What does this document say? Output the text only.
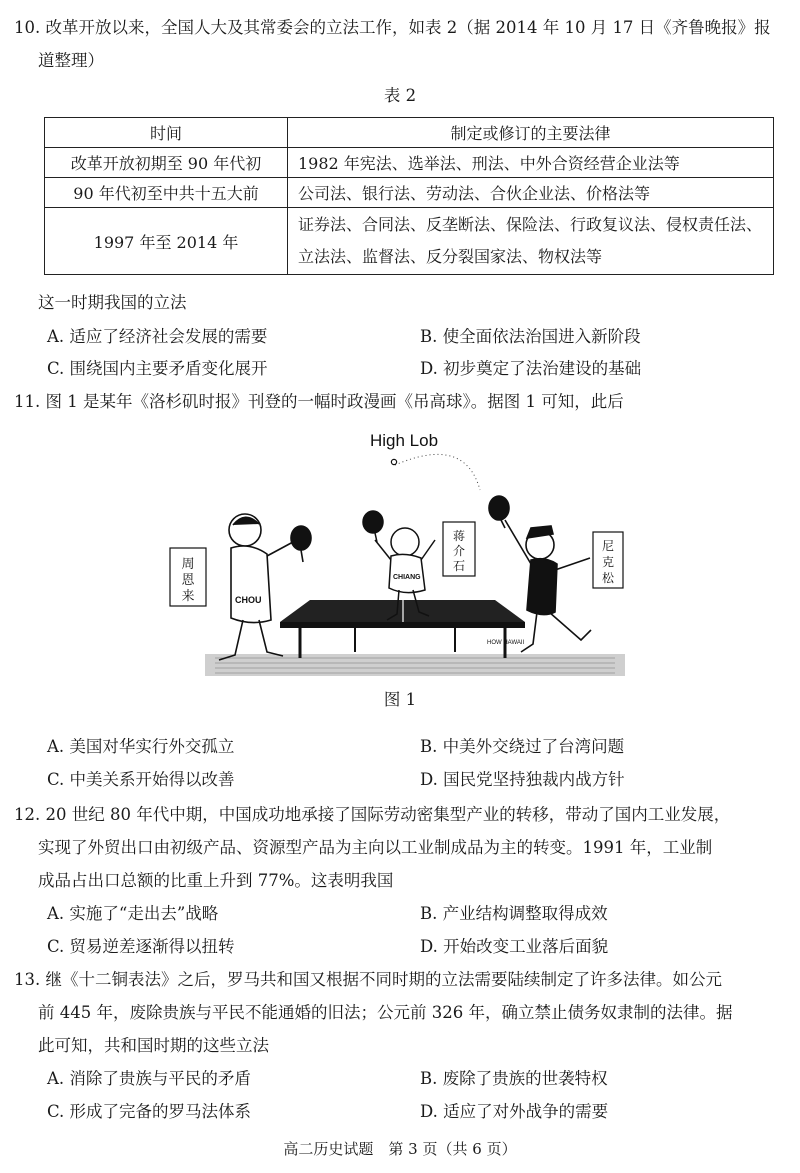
10. 改革开放以来，全国人大及其常委会的立法工作，如表 2（据 2014 年 10 月 17 日《齐鲁晚报》报
道整理）
表 2
时间	制定或修订的主要法律
改革开放初期至 90 年代初	1982 年宪法、选举法、刑法、中外合资经营企业法等
90 年代初至中共十五大前	公司法、银行法、劳动法、合伙企业法、价格法等
1997 年至 2014 年	证券法、合同法、反垄断法、保险法、行政复议法、侵权责任法、立法法、监督法、反分裂国家法、物权法等
这一时期我国的立法
A. 适应了经济社会发展的需要	B. 使全面依法治国进入新阶段
C. 围绕国内主要矛盾变化展开	D. 初步奠定了法治建设的基础
11. 图 1 是某年《洛杉矶时报》刊登的一幅时政漫画《吊高球》。据图 1 可知，此后
High Lob
CHOU
周恩来
CHIANG
蒋介石
尼克松
HOW HAWAII
图 1
A. 美国对华实行外交孤立	B. 中美外交绕过了台湾问题
C. 中美关系开始得以改善	D. 国民党坚持独裁内战方针
12. 20 世纪 80 年代中期，中国成功地承接了国际劳动密集型产业的转移，带动了国内工业发展，
实现了外贸出口由初级产品、资源型产品为主向以工业制成品为主的转变。1991 年，工业制
成品占出口总额的比重上升到 77%。这表明我国
A. 实施了“走出去”战略	B. 产业结构调整取得成效
C. 贸易逆差逐渐得以扭转	D. 开始改变工业落后面貌
13. 继《十二铜表法》之后，罗马共和国又根据不同时期的立法需要陆续制定了许多法律。如公元
前 445 年，废除贵族与平民不能通婚的旧法；公元前 326 年，确立禁止债务奴隶制的法律。据
此可知，共和国时期的这些立法
A. 消除了贵族与平民的矛盾	B. 废除了贵族的世袭特权
C. 形成了完备的罗马法体系	D. 适应了对外战争的需要
高二历史试题　第 3 页（共 6 页）
